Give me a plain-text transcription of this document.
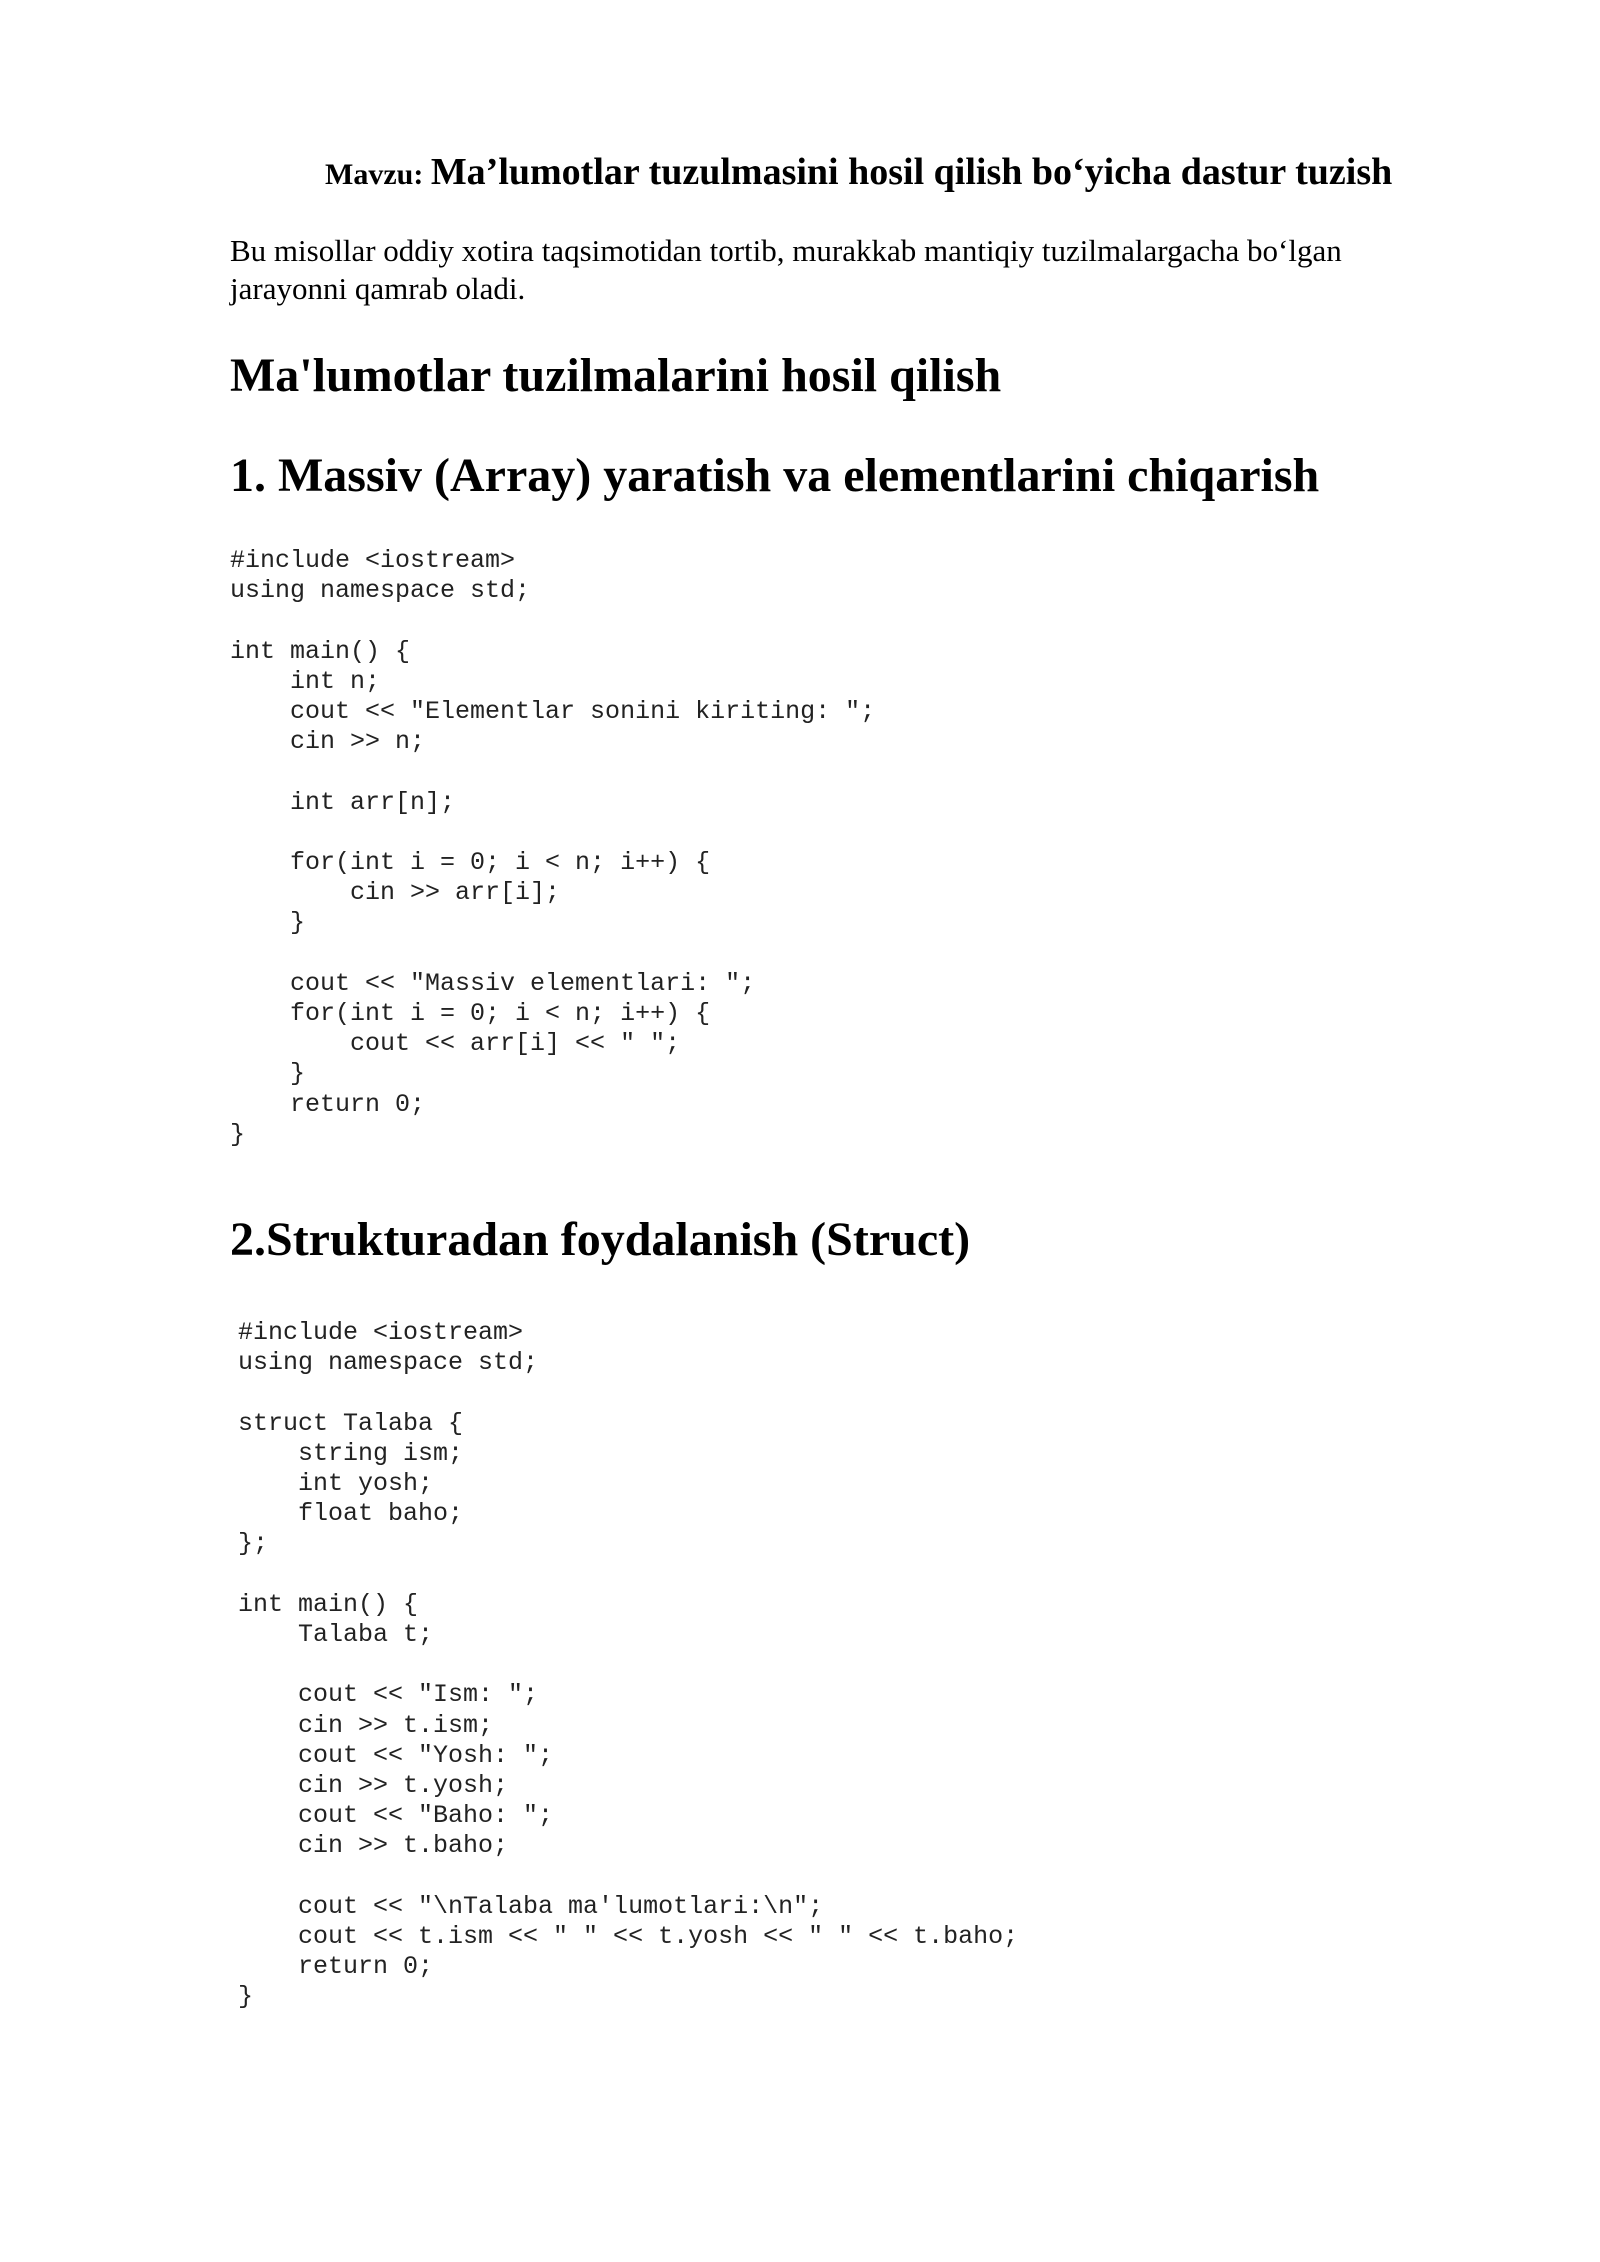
Mavzu: Ma’lumotlar tuzulmasini hosil qilish bo‘yicha dastur tuzish
Bu misollar oddiy xotira taqsimotidan tortib, murakkab mantiqiy tuzilmalargacha bo‘lgan jarayonni qamrab oladi.
Ma'lumotlar tuzilmalarini hosil qilish
1. Massiv (Array) yaratish va elementlarini chiqarish
#include <iostream>
using namespace std;

int main() {
int n;
cout << "Elementlar sonini kiriting: ";
cin >> n;

int arr[n];

for(int i = 0; i < n; i++) {
cin >> arr[i];
}

cout << "Massiv elementlari: ";
for(int i = 0; i < n; i++) {
cout << arr[i] << " ";
}
return 0;
}
2.Strukturadan foydalanish (Struct)
#include <iostream>
using namespace std;

struct Talaba {
string ism;
int yosh;
float baho;
};

int main() {
Talaba t;

cout << "Ism: ";
cin >> t.ism;
cout << "Yosh: ";
cin >> t.yosh;
cout << "Baho: ";
cin >> t.baho;

cout << "\nTalaba ma'lumotlari:\n";
cout << t.ism << " " << t.yosh << " " << t.baho;
return 0;
}
